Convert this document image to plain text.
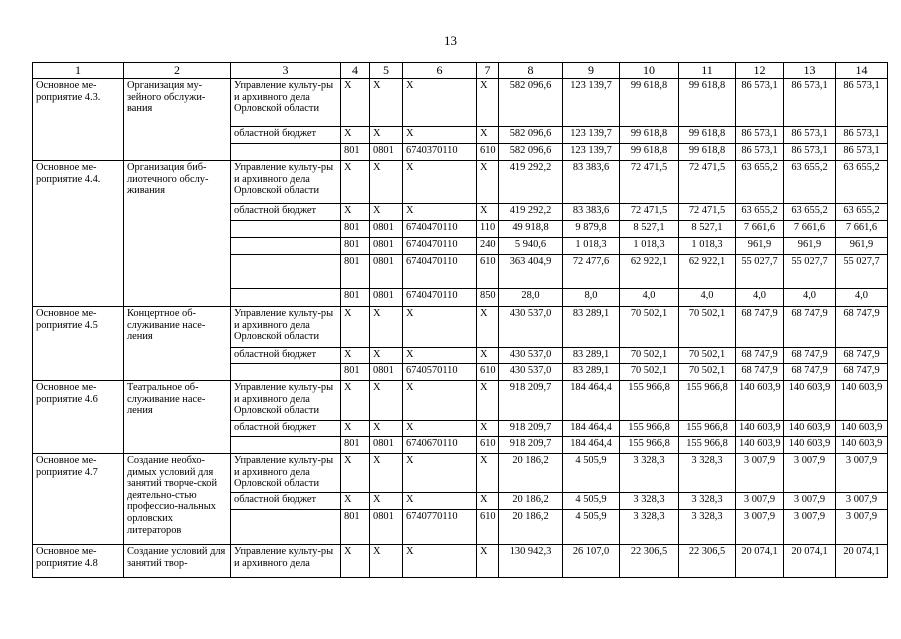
13
1	2	3	4	5	6	7	8	9	10	11	12	13	14
Основное ме-роприятие 4.3.	Организация му-зейного обслужи-вания	Управление культу-ры и архивного дела Орловской области	X	X	X	X	582 096,6	123 139,7	99 618,8	99 618,8	86 573,1	86 573,1	86 573,1
		областной бюджет	X	X	X	X	582 096,6	123 139,7	99 618,8	99 618,8	86 573,1	86 573,1	86 573,1
			801	0801	6740370110	610	582 096,6	123 139,7	99 618,8	99 618,8	86 573,1	86 573,1	86 573,1
Основное ме-роприятие 4.4.	Организация биб-лиотечного обслу-живания	Управление культу-ры и архивного дела Орловской области	X	X	X	X	419 292,2	83 383,6	72 471,5	72 471,5	63 655,2	63 655,2	63 655,2
		областной бюджет	X	X	X	X	419 292,2	83 383,6	72 471,5	72 471,5	63 655,2	63 655,2	63 655,2
			801	0801	6740470110	110	49 918,8	9 879,8	8 527,1	8 527,1	7 661,6	7 661,6	7 661,6
			801	0801	6740470110	240	5 940,6	1 018,3	1 018,3	1 018,3	961,9	961,9	961,9
			801	0801	6740470110	610	363 404,9	72 477,6	62 922,1	62 922,1	55 027,7	55 027,7	55 027,7
			801	0801	6740470110	850	28,0	8,0	4,0	4,0	4,0	4,0	4,0
Основное ме-роприятие 4.5	Концертное об-служивание насе-ления	Управление культу-ры и архивного дела Орловской области	X	X	X	X	430 537,0	83 289,1	70 502,1	70 502,1	68 747,9	68 747,9	68 747,9
		областной бюджет	X	X	X	X	430 537,0	83 289,1	70 502,1	70 502,1	68 747,9	68 747,9	68 747,9
			801	0801	6740570110	610	430 537,0	83 289,1	70 502,1	70 502,1	68 747,9	68 747,9	68 747,9
Основное ме-роприятие 4.6	Театральное об-служивание насе-ления	Управление культу-ры и архивного дела Орловской области	X	X	X	X	918 209,7	184 464,4	155 966,8	155 966,8	140 603,9	140 603,9	140 603,9
		областной бюджет	X	X	X	X	918 209,7	184 464,4	155 966,8	155 966,8	140 603,9	140 603,9	140 603,9
			801	0801	6740670110	610	918 209,7	184 464,4	155 966,8	155 966,8	140 603,9	140 603,9	140 603,9
Основное ме-роприятие 4.7	Создание необхо-димых условий для занятий творче-ской деятельно-стью профессио-нальных орловских литераторов	Управление культу-ры и архивного дела Орловской области	X	X	X	X	20 186,2	4 505,9	3 328,3	3 328,3	3 007,9	3 007,9	3 007,9
		областной бюджет	X	X	X	X	20 186,2	4 505,9	3 328,3	3 328,3	3 007,9	3 007,9	3 007,9
			801	0801	6740770110	610	20 186,2	4 505,9	3 328,3	3 328,3	3 007,9	3 007,9	3 007,9
Основное ме-роприятие 4.8	Создание условий для занятий твор-	Управление культу-ры и архивного дела	X	X	X	X	130 942,3	26 107,0	22 306,5	22 306,5	20 074,1	20 074,1	20 074,1
